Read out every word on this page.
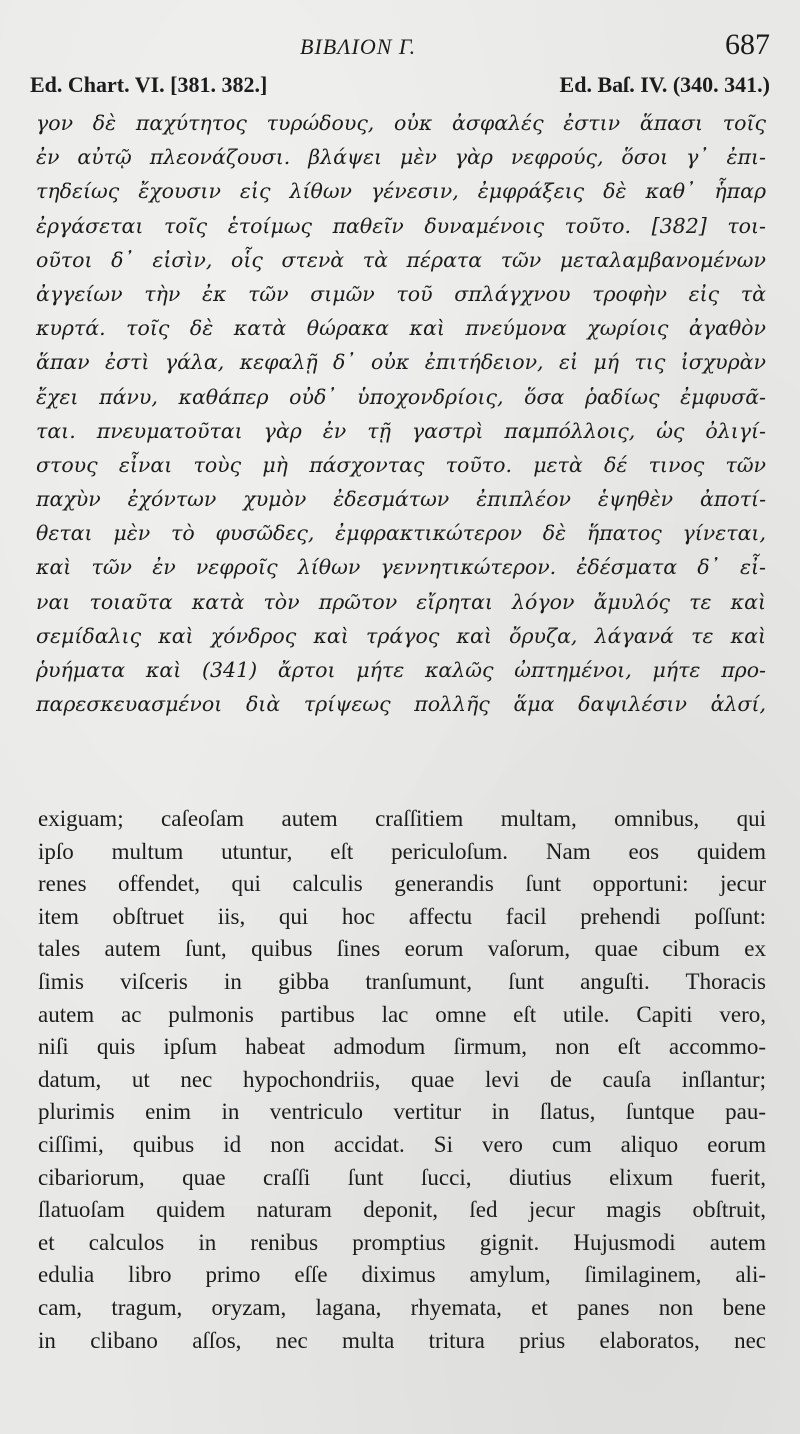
ΒΙΒΛΙΟΝ Γ.	687
Ed. Chart. VI. [381. 382.]	Ed. Baſ. IV. (340. 341.)
γον δὲ παχύτητος τυρώδους, οὐκ ἀσφαλές ἐστιν ἅπασι τοῖς
ἐν αὐτῷ πλεονάζουσι. βλάψει μὲν γὰρ νεφρούς, ὅσοι γ᾽ ἐπι-
τηδείως ἔχουσιν εἰς λίθων γένεσιν, ἐμφράξεις δὲ καθ᾽ ἧπαρ
ἐργάσεται τοῖς ἑτοίμως παθεῖν δυναμένοις τοῦτο. [382] τοι-
οῦτοι δ᾽ εἰσὶν, οἷς στενὰ τὰ πέρατα τῶν μεταλαμβανομένων
ἀγγείων τὴν ἐκ τῶν σιμῶν τοῦ σπλάγχνου τροφὴν εἰς τὰ
κυρτά. τοῖς δὲ κατὰ θώρακα καὶ πνεύμονα χωρίοις ἀγαθὸν
ἅπαν ἐστὶ γάλα, κεφαλῇ δ᾽ οὐκ ἐπιτήδειον, εἰ μή τις ἰσχυρὰν
ἔχει πάνυ, καθάπερ οὐδ᾽ ὑποχονδρίοις, ὅσα ῥαδίως ἐμφυσᾶ-
ται. πνευματοῦται γὰρ ἐν τῇ γαστρὶ παμπόλλοις, ὡς ὀλιγί-
στους εἶναι τοὺς μὴ πάσχοντας τοῦτο. μετὰ δέ τινος τῶν
παχὺν ἐχόντων χυμὸν ἐδεσμάτων ἐπιπλέον ἑψηθὲν ἀποτί-
θεται μὲν τὸ φυσῶδες, ἐμφρακτικώτερον δὲ ἥπατος γίνεται,
καὶ τῶν ἐν νεφροῖς λίθων γεννητικώτερον. ἐδέσματα δ᾽ εἶ-
ναι τοιαῦτα κατὰ τὸν πρῶτον εἴρηται λόγον ἄμυλός τε καὶ
σεμίδαλις καὶ χόνδρος καὶ τράγος καὶ ὄρυζα, λάγανά τε καὶ
ῥυήματα καὶ (341) ἄρτοι μήτε καλῶς ὠπτημένοι, μήτε προ-
παρεσκευασμένοι διὰ τρίψεως πολλῆς ἅμα δαψιλέσιν ἁλσί,
exiguam; caſeoſam autem craſſitiem multam, omnibus, qui
ipſo multum utuntur, eſt periculoſum. Nam eos quidem
renes offendet, qui calculis generandis ſunt opportuni: jecur
item obſtruet iis, qui hoc affectu facil prehendi poſſunt:
tales autem ſunt, quibus ſines eorum vaſorum, quae cibum ex
ſimis viſceris in gibba tranſumunt, ſunt anguſti. Thoracis
autem ac pulmonis partibus lac omne eſt utile. Capiti vero,
niſi quis ipſum habeat admodum ſirmum, non eſt accommo-
datum, ut nec hypochondriis, quae levi de cauſa inſlantur;
plurimis enim in ventriculo vertitur in ſlatus, ſuntque pau-
ciſſimi, quibus id non accidat. Si vero cum aliquo eorum
cibariorum, quae craſſi ſunt ſucci, diutius elixum fuerit,
ſlatuoſam quidem naturam deponit, ſed jecur magis obſtruit,
et calculos in renibus promptius gignit. Hujusmodi autem
edulia libro primo eſſe diximus amylum, ſimilaginem, ali-
cam, tragum, oryzam, lagana, rhyemata, et panes non bene
in clibano aſſos, nec multa tritura prius elaboratos, nec
